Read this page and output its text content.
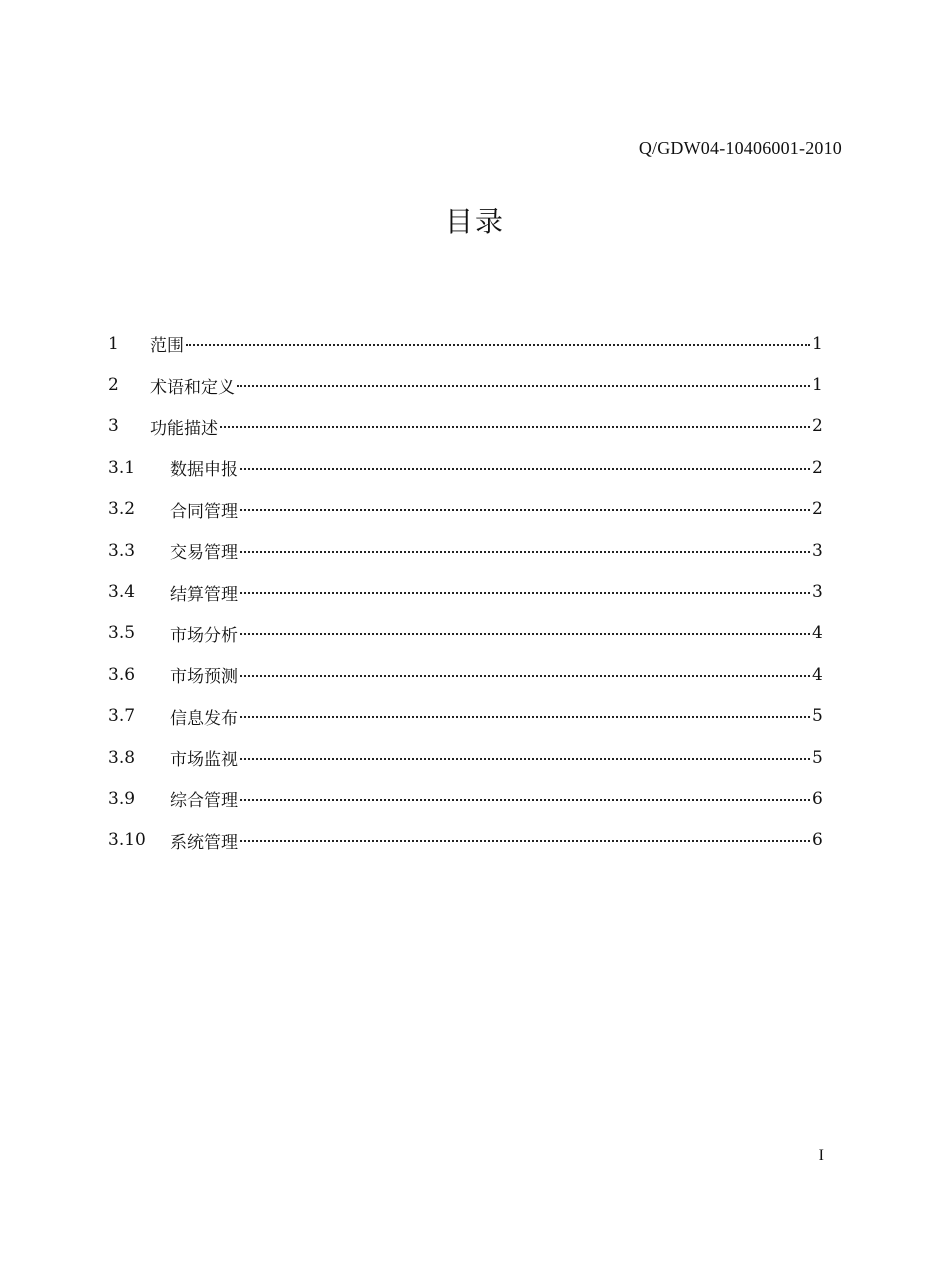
Q/GDW04-10406001-2010
目录
1	范围	1
2	术语和定义	1
3	功能描述	2
3.1	数据申报	2
3.2	合同管理	2
3.3	交易管理	3
3.4	结算管理	3
3.5	市场分析	4
3.6	市场预测	4
3.7	信息发布	5
3.8	市场监视	5
3.9	综合管理	6
3.10	系统管理	6
I
